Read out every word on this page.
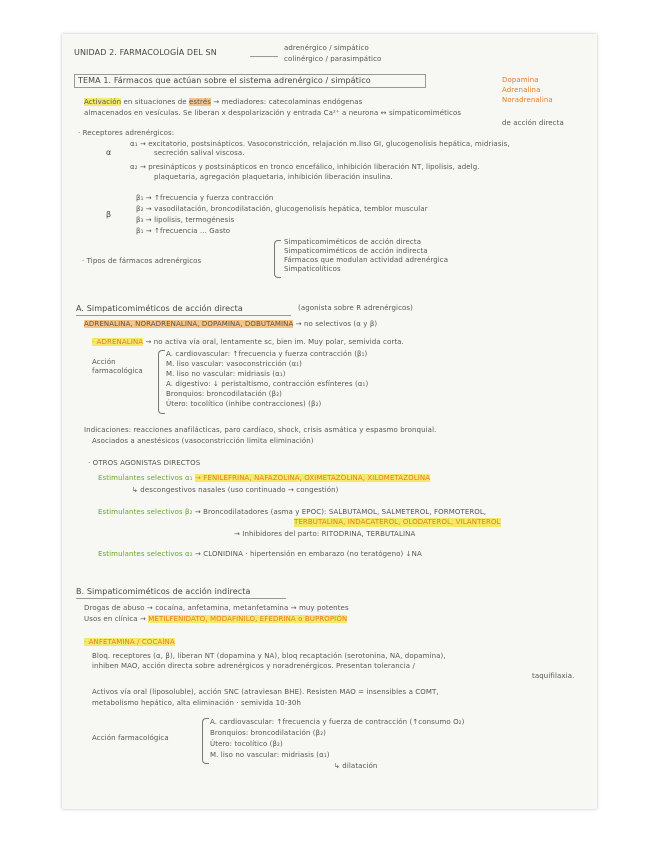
UNIDAD 2. FARMACOLOGÍA DEL SN	adrenérgico / simpático
colinérgico / parasimpático
TEMA 1. Fármacos que actúan sobre el sistema adrenérgico / simpático	Dopamina
Adrenalina
Noradrenalina
Activación en situaciones de estrés → mediadores: catecolaminas endógenas
almacenados en vesículas. Se liberan x despolarización y entrada Ca²⁺ a neurona ↔ simpaticomiméticos
de acción directa
· Receptores adrenérgicos:
α
α₁ → excitatorio, postsinápticos. Vasoconstricción, relajación m.liso GI, glucogenolisis hepática, midriasis,
secreción salival viscosa.
α₂ → presinápticos y postsinápticos en tronco encefálico, inhibición liberación NT, lipolisis, adelg.
plaquetaria, agregación plaquetaria, inhibición liberación insulina.
β
β₁ → ↑frecuencia y fuerza contracción
β₂ → vasodilatación, broncodilatación, glucogenolisis hepática, temblor muscular
β₃ → lipolisis, termogénesis
β₁ → ↑frecuencia ... Gasto
· Tipos de fármacos adrenérgicos
Simpaticomiméticos de acción directa
Simpaticomiméticos de acción indirecta
Fármacos que modulan actividad adrenérgica
Simpaticolíticos
A. Simpaticomiméticos de acción directa	(agonista sobre R adrenérgicos)
ADRENALINA, NORADRENALINA, DOPAMINA, DOBUTAMINA → no selectivos (α y β)
· ADRENALINA → no activa vía oral, lentamente sc, bien im. Muy polar, semivida corta.
Acción farmacológica
A. cardiovascular: ↑frecuencia y fuerza contracción (β₁)
M. liso vascular: vasoconstricción (α₁)
M. liso no vascular: midriasis (α₁)
A. digestivo: ↓ peristaltismo, contracción esfínteres (α₁)
Bronquios: broncodilatación (β₂)
Útero: tocolítico (inhibe contracciones) (β₂)
Indicaciones: reacciones anafilácticas, paro cardíaco, shock, crisis asmática y espasmo bronquial.
Asociados a anestésicos (vasoconstricción limita eliminación)
· OTROS AGONISTAS DIRECTOS
Estimulantes selectivos α₁ → FENILEFRINA, NAFAZOLINA, OXIMETAZOLINA, XILOMETAZOLINA
↳ descongestivos nasales (uso continuado → congestión)
Estimulantes selectivos β₂ → Broncodilatadores (asma y EPOC): SALBUTAMOL, SALMETEROL, FORMOTEROL,
TERBUTALINA, INDACATEROL, OLODATEROL, VILANTEROL
→ Inhibidores del parto: RITODRINA, TERBUTALINA
Estimulantes selectivos α₂ → CLONIDINA · hipertensión en embarazo (no teratógeno) ↓NA
B. Simpaticomiméticos de acción indirecta
Drogas de abuso → cocaína, anfetamina, metanfetamina → muy potentes
Usos en clínica → METILFENIDATO, MODAFINILO, EFEDRINA o BUPROPIÓN
· ANFETAMINA / COCAÍNA
Bloq. receptores (α, β), liberan NT (dopamina y NA), bloq recaptación (serotonina, NA, dopamina),
inhiben MAO, acción directa sobre adrenérgicos y noradrenérgicos. Presentan tolerancia /
taquifilaxia.
Activos vía oral (liposoluble), acción SNC (atraviesan BHE). Resisten MAO = insensibles a COMT,
metabolismo hepático, alta eliminación · semivida 10-30h
Acción farmacológica
A. cardiovascular: ↑frecuencia y fuerza de contracción (↑consumo O₂)
Bronquios: broncodilatación (β₂)
Útero: tocolítico (β₂)
M. liso no vascular: midriasis (α₁)
↳ dilatación
